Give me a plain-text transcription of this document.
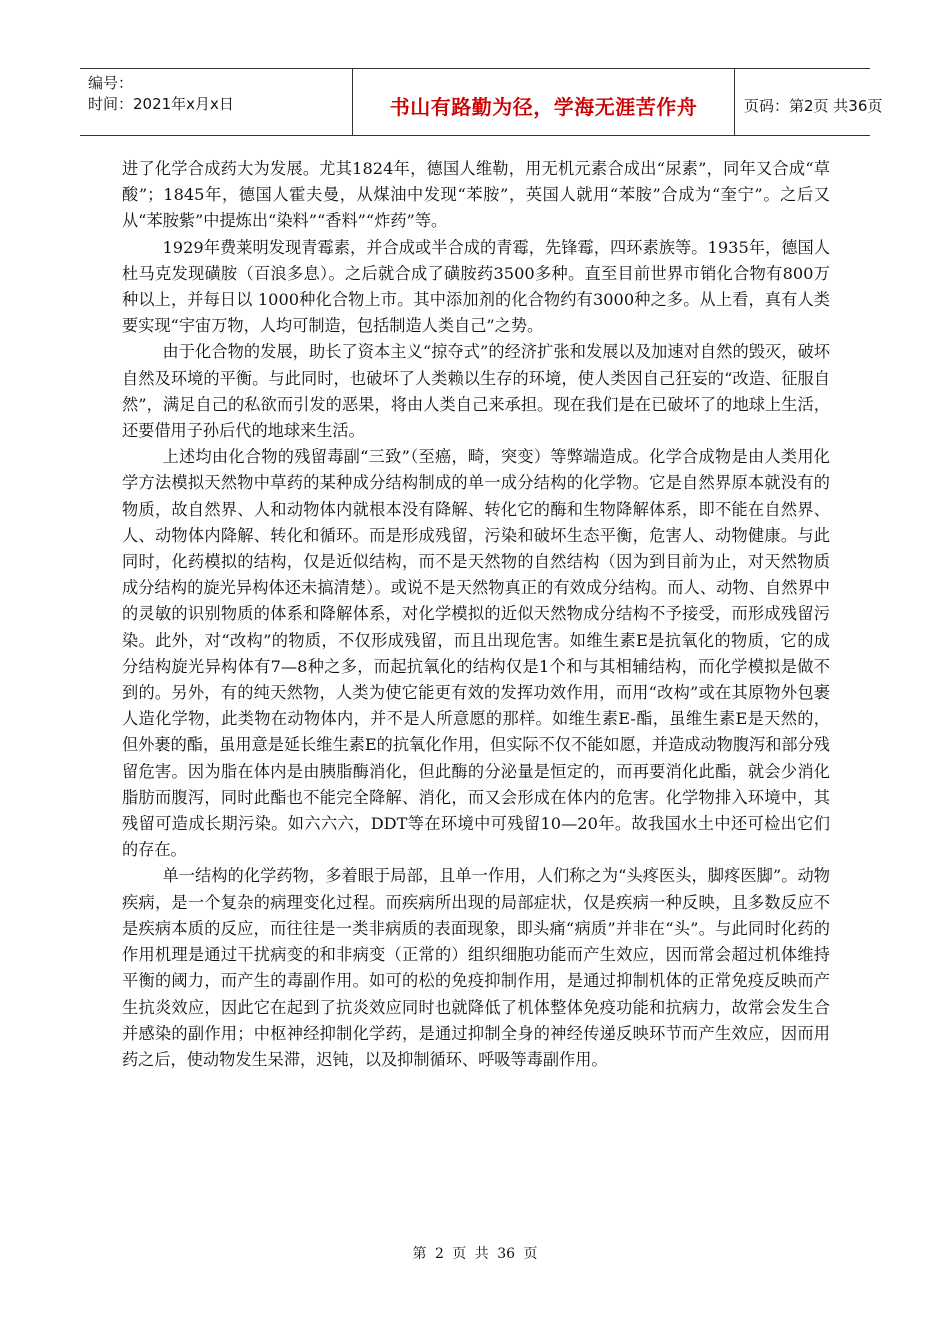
编号：
时间：2021年x月x日	书山有路勤为径，学海无涯苦作舟	页码：第2页 共36页

进了化学合成药大为发展。尤其1824年，德国人维勒，用无机元素合成出“尿素”，同年又合成“草酸”；1845年，德国人霍夫曼，从煤油中发现“苯胺”，英国人就用“苯胺”合成为“奎宁”。之后又从“苯胺紫”中提炼出“染料”“香料”“炸药”等。

1929年费莱明发现青霉素，并合成或半合成的青霉，先锋霉，四环素族等。1935年，德国人杜马克发现磺胺（百浪多息）。之后就合成了磺胺药3500多种。直至目前世界市销化合物有800万种以上，并每日以 1000种化合物上市。其中添加剂的化合物约有3000种之多。从上看，真有人类要实现“宇宙万物，人均可制造，包括制造人类自己”之势。

由于化合物的发展，助长了资本主义“掠夺式”的经济扩张和发展以及加速对自然的毁灭，破坏自然及环境的平衡。与此同时，也破坏了人类赖以生存的环境，使人类因自己狂妄的“改造、征服自然”，满足自己的私欲而引发的恶果，将由人类自己来承担。现在我们是在已破坏了的地球上生活，还要借用子孙后代的地球来生活。

上述均由化合物的残留毒副“三致”（至癌，畸，突变）等弊端造成。化学合成物是由人类用化学方法模拟天然物中草药的某种成分结构制成的单一成分结构的化学物。它是自然界原本就没有的物质，故自然界、人和动物体内就根本没有降解、转化它的酶和生物降解体系，即不能在自然界、人、动物体内降解、转化和循环。而是形成残留，污染和破坏生态平衡，危害人、动物健康。与此同时，化药模拟的结构，仅是近似结构，而不是天然物的自然结构（因为到目前为止，对天然物质成分结构的旋光异构体还未搞清楚）。或说不是天然物真正的有效成分结构。而人、动物、自然界中的灵敏的识别物质的体系和降解体系，对化学模拟的近似天然物成分结构不予接受，而形成残留污染。此外，对“改构”的物质，不仅形成残留，而且出现危害。如维生素E是抗氧化的物质，它的成分结构旋光异构体有7—8种之多，而起抗氧化的结构仅是1个和与其相辅结构，而化学模拟是做不到的。另外，有的纯天然物，人类为使它能更有效的发挥功效作用，而用“改构”或在其原物外包裹人造化学物，此类物在动物体内，并不是人所意愿的那样。如维生素E-酯，虽维生素E是天然的，但外裹的酯，虽用意是延长维生素E的抗氧化作用，但实际不仅不能如愿，并造成动物腹泻和部分残留危害。因为脂在体内是由胰脂酶消化，但此酶的分泌量是恒定的，而再要消化此酯，就会少消化脂肪而腹泻，同时此酯也不能完全降解、消化，而又会形成在体内的危害。化学物排入环境中，其残留可造成长期污染。如六六六，DDT等在环境中可残留10—20年。故我国水土中还可检出它们的存在。

单一结构的化学药物，多着眼于局部，且单一作用，人们称之为“头疼医头，脚疼医脚”。动物疾病，是一个复杂的病理变化过程。而疾病所出现的局部症状，仅是疾病一种反映，且多数反应不是疾病本质的反应，而往往是一类非病质的表面现象，即头痛“病质”并非在“头”。与此同时化药的作用机理是通过干扰病变的和非病变（正常的）组织细胞功能而产生效应，因而常会超过机体维持平衡的阈力，而产生的毒副作用。如可的松的免疫抑制作用，是通过抑制机体的正常免疫反映而产生抗炎效应，因此它在起到了抗炎效应同时也就降低了机体整体免疫功能和抗病力，故常会发生合并感染的副作用；中枢神经抑制化学药，是通过抑制全身的神经传递反映环节而产生效应，因而用药之后，使动物发生呆滞，迟钝，以及抑制循环、呼吸等毒副作用。

第 2 页 共 36 页
